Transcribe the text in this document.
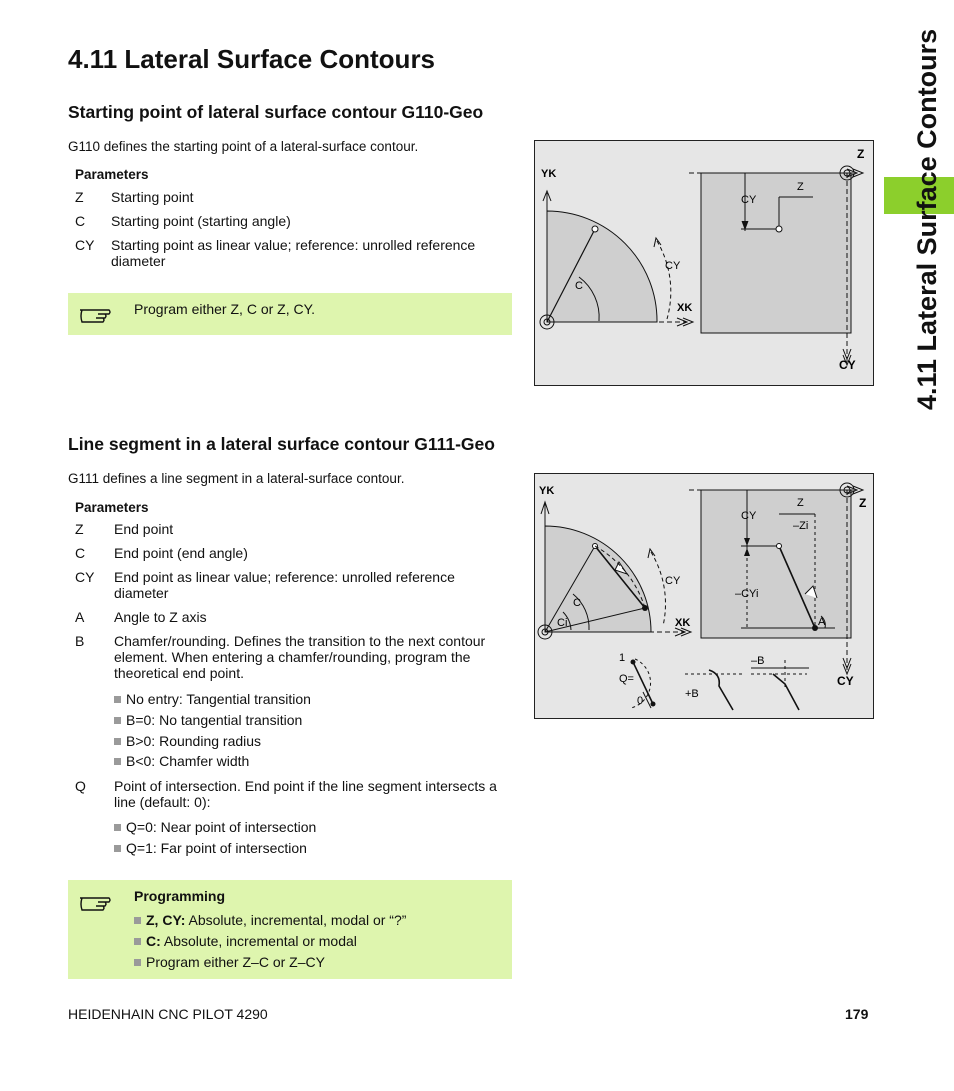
4.11 Lateral Surface Contours	4.11 Lateral Surface Contours
Starting point of lateral surface contour G110-Geo
G110 defines the starting point of a lateral-surface contour.
Parameters
Z Starting point
C Starting point (starting angle)
CY Starting point as linear value; reference: unrolled reference diameter
Program either Z, C or Z, CY.
YK
XK
C
CY
Z
CY
CY
Z
Line segment in a lateral surface contour G111-Geo
G111 defines a line segment in a lateral-surface contour.
Parameters
Z End point
C End point (end angle)
CY End point as linear value; reference: unrolled reference diameter
A Angle to Z axis
B Chamfer/rounding. Defines the transition to the next contour element. When entering a chamfer/rounding, program the theoretical end point.
No entry: Tangential transition
B=0: No tangential transition
B>0: Rounding radius
B<0: Chamfer width
Q Point of intersection. End point if the line segment intersects a line (default: 0):
Q=0: Near point of intersection
Q=1: Far point of intersection
Programming
Z, CY: Absolute, incremental, modal or “?”
C: Absolute, incremental or modal
Program either Z–C or Z–CY
YK
XK
C
Ci
CY
Z
CY
CY
Z
–Zi
–CYi
A
1
Q=
0
+B
–B
HEIDENHAIN CNC PILOT 4290	179
